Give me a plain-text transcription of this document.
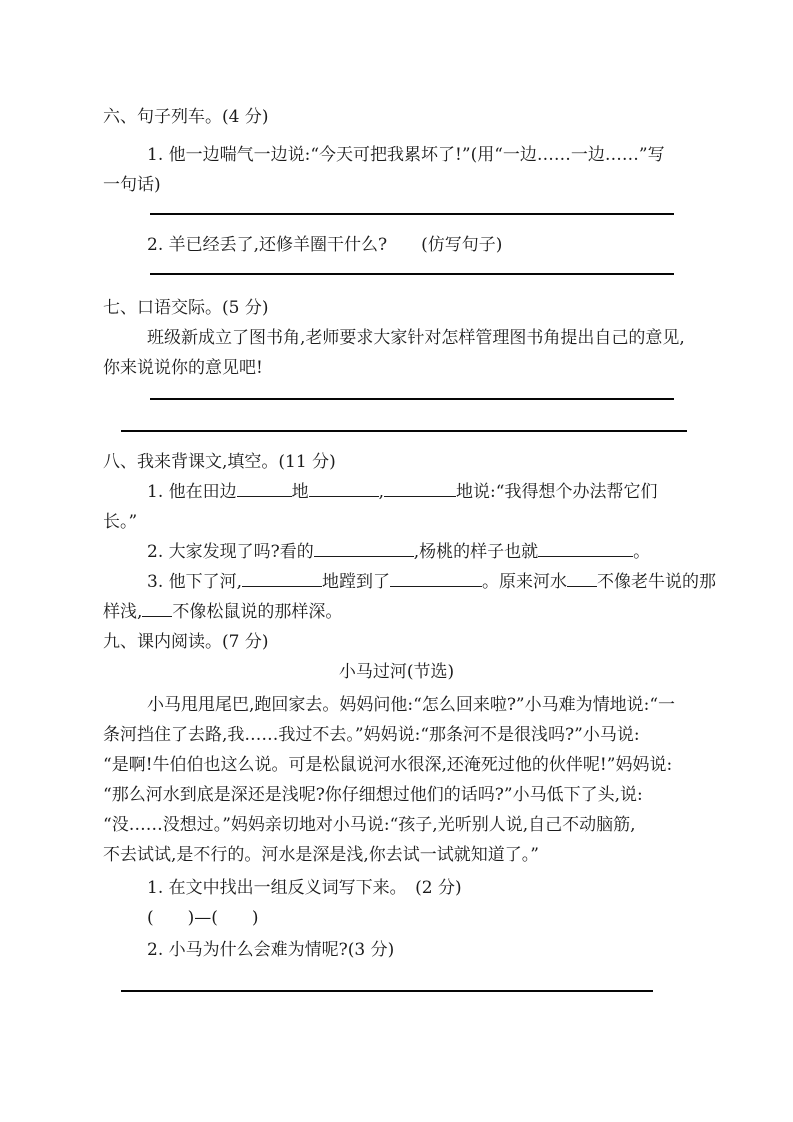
六、句子列车。(4 分)
1. 他一边喘气一边说:“今天可把我累坏了!”(用“一边……一边……”写
一句话)
2. 羊已经丢了,还修羊圈干什么?　　(仿写句子)
七、口语交际。(5 分)
班级新成立了图书角,老师要求大家针对怎样管理图书角提出自己的意见,
你来说说你的意见吧!
八、我来背课文,填空。(11 分)
1. 他在田边	地	,	地说:“我得想个办法帮它们
长。”
2. 大家发现了吗?看的	,杨桃的样子也就	。
3. 他下了河,	地蹚到了	。原来河水 不像老牛说的那
样浅, 不像松鼠说的那样深。
九、课内阅读。(7 分)
小马过河(节选)
小马甩甩尾巴,跑回家去。妈妈问他:“怎么回来啦?”小马难为情地说:“一
条河挡住了去路,我……我过不去。”妈妈说:“那条河不是很浅吗?”小马说:
“是啊!牛伯伯也这么说。可是松鼠说河水很深,还淹死过他的伙伴呢!”妈妈说:
“那么河水到底是深还是浅呢?你仔细想过他们的话吗?”小马低下了头,说:
“没……没想过。”妈妈亲切地对小马说:“孩子,光听别人说,自己不动脑筋,
不去试试,是不行的。河水是深是浅,你去试一试就知道了。”
1. 在文中找出一组反义词写下来。　(2 分)
(　　)—(　　)
2. 小马为什么会难为情呢?(3 分)
